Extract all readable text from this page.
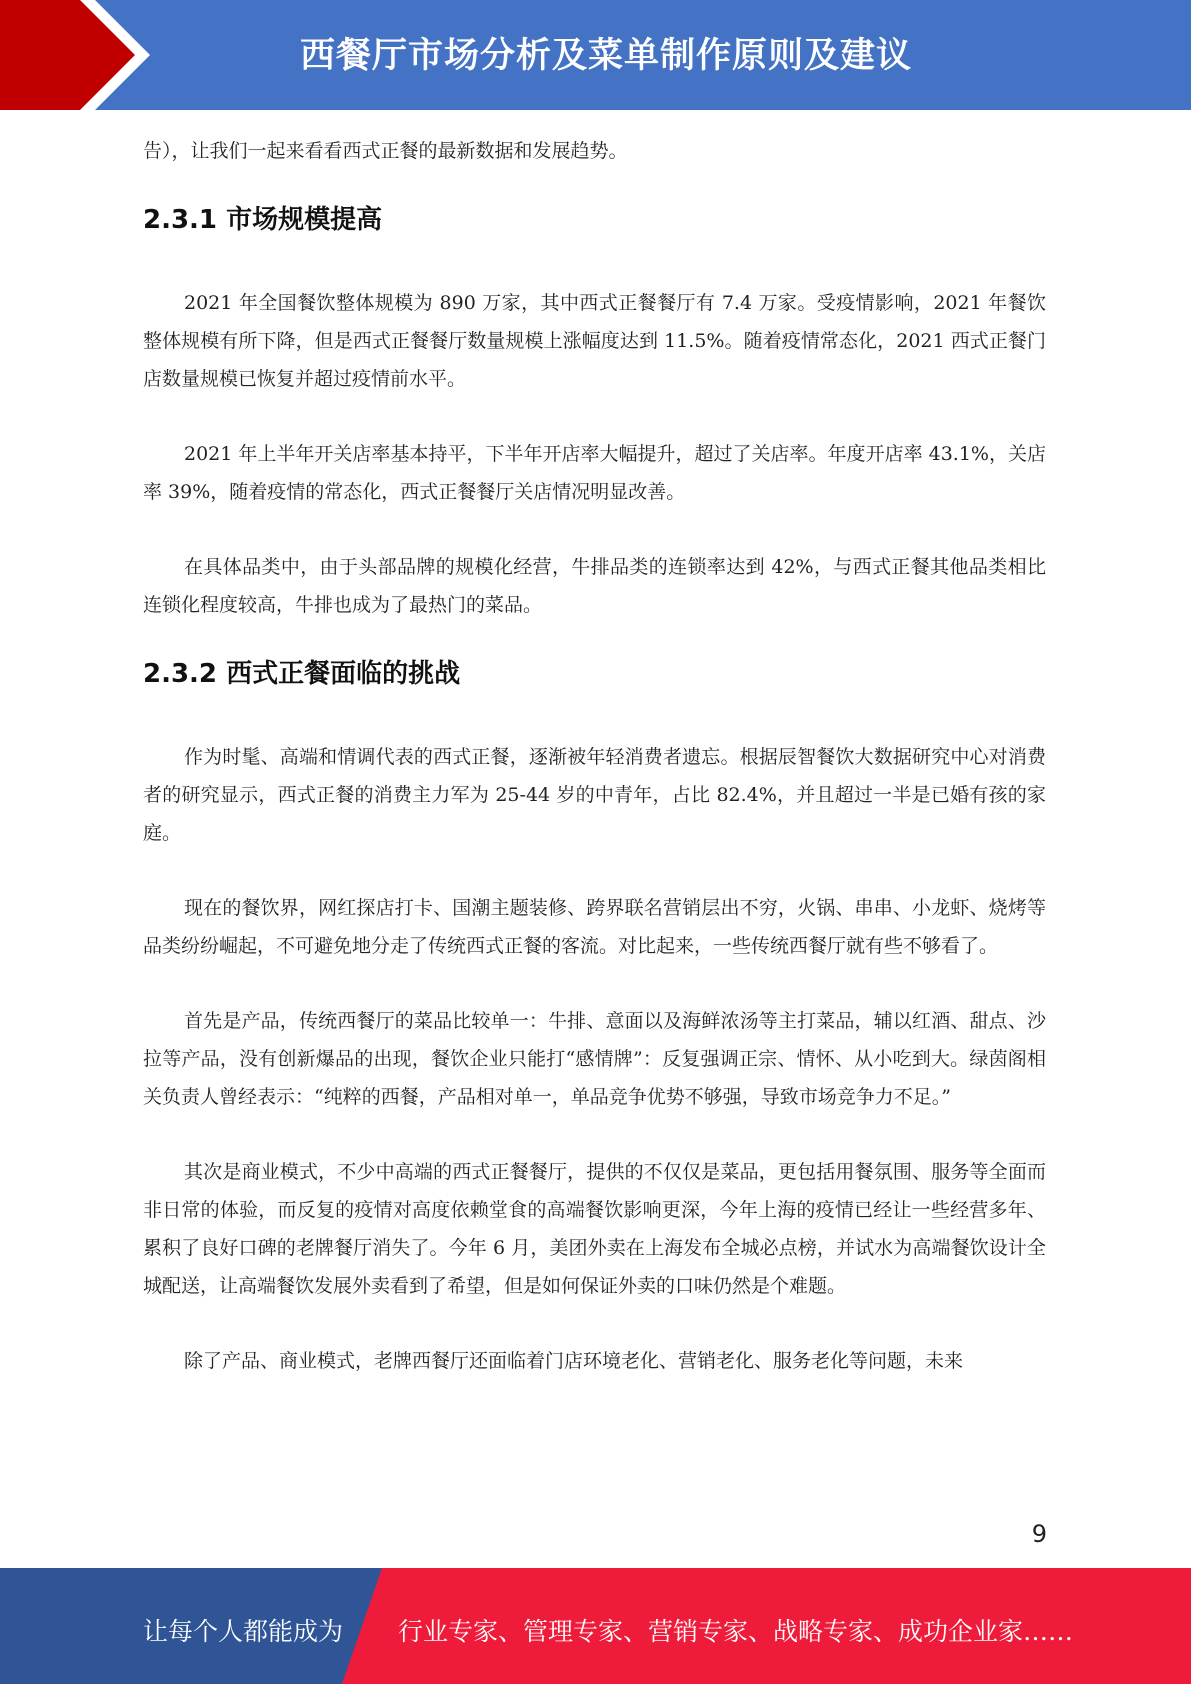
西餐厅市场分析及菜单制作原则及建议

告），让我们一起来看看西式正餐的最新数据和发展趋势。

2.3.1 市场规模提高

2021 年全国餐饮整体规模为 890 万家，其中西式正餐餐厅有 7.4 万家。受疫情影响，2021 年餐饮整体规模有所下降，但是西式正餐餐厅数量规模上涨幅度达到 11.5%。随着疫情常态化，2021 西式正餐门店数量规模已恢复并超过疫情前水平。

2021 年上半年开关店率基本持平，下半年开店率大幅提升，超过了关店率。年度开店率 43.1%，关店率 39%，随着疫情的常态化，西式正餐餐厅关店情况明显改善。

在具体品类中，由于头部品牌的规模化经营，牛排品类的连锁率达到 42%，与西式正餐其他品类相比连锁化程度较高，牛排也成为了最热门的菜品。

2.3.2 西式正餐面临的挑战

作为时髦、高端和情调代表的西式正餐，逐渐被年轻消费者遗忘。根据辰智餐饮大数据研究中心对消费者的研究显示，西式正餐的消费主力军为 25-44 岁的中青年，占比 82.4%，并且超过一半是已婚有孩的家庭。

现在的餐饮界，网红探店打卡、国潮主题装修、跨界联名营销层出不穷，火锅、串串、小龙虾、烧烤等品类纷纷崛起，不可避免地分走了传统西式正餐的客流。对比起来，一些传统西餐厅就有些不够看了。

首先是产品，传统西餐厅的菜品比较单一：牛排、意面以及海鲜浓汤等主打菜品，辅以红酒、甜点、沙拉等产品，没有创新爆品的出现，餐饮企业只能打“感情牌”：反复强调正宗、情怀、从小吃到大。绿茵阁相关负责人曾经表示：“纯粹的西餐，产品相对单一，单品竞争优势不够强，导致市场竞争力不足。”

其次是商业模式，不少中高端的西式正餐餐厅，提供的不仅仅是菜品，更包括用餐氛围、服务等全面而非日常的体验，而反复的疫情对高度依赖堂食的高端餐饮影响更深，今年上海的疫情已经让一些经营多年、累积了良好口碑的老牌餐厅消失了。今年 6 月，美团外卖在上海发布全城必点榜，并试水为高端餐饮设计全城配送，让高端餐饮发展外卖看到了希望，但是如何保证外卖的口味仍然是个难题。

除了产品、商业模式，老牌西餐厅还面临着门店环境老化、营销老化、服务老化等问题，未来

9
让每个人都能成为 行业专家、管理专家、营销专家、战略专家、成功企业家……
